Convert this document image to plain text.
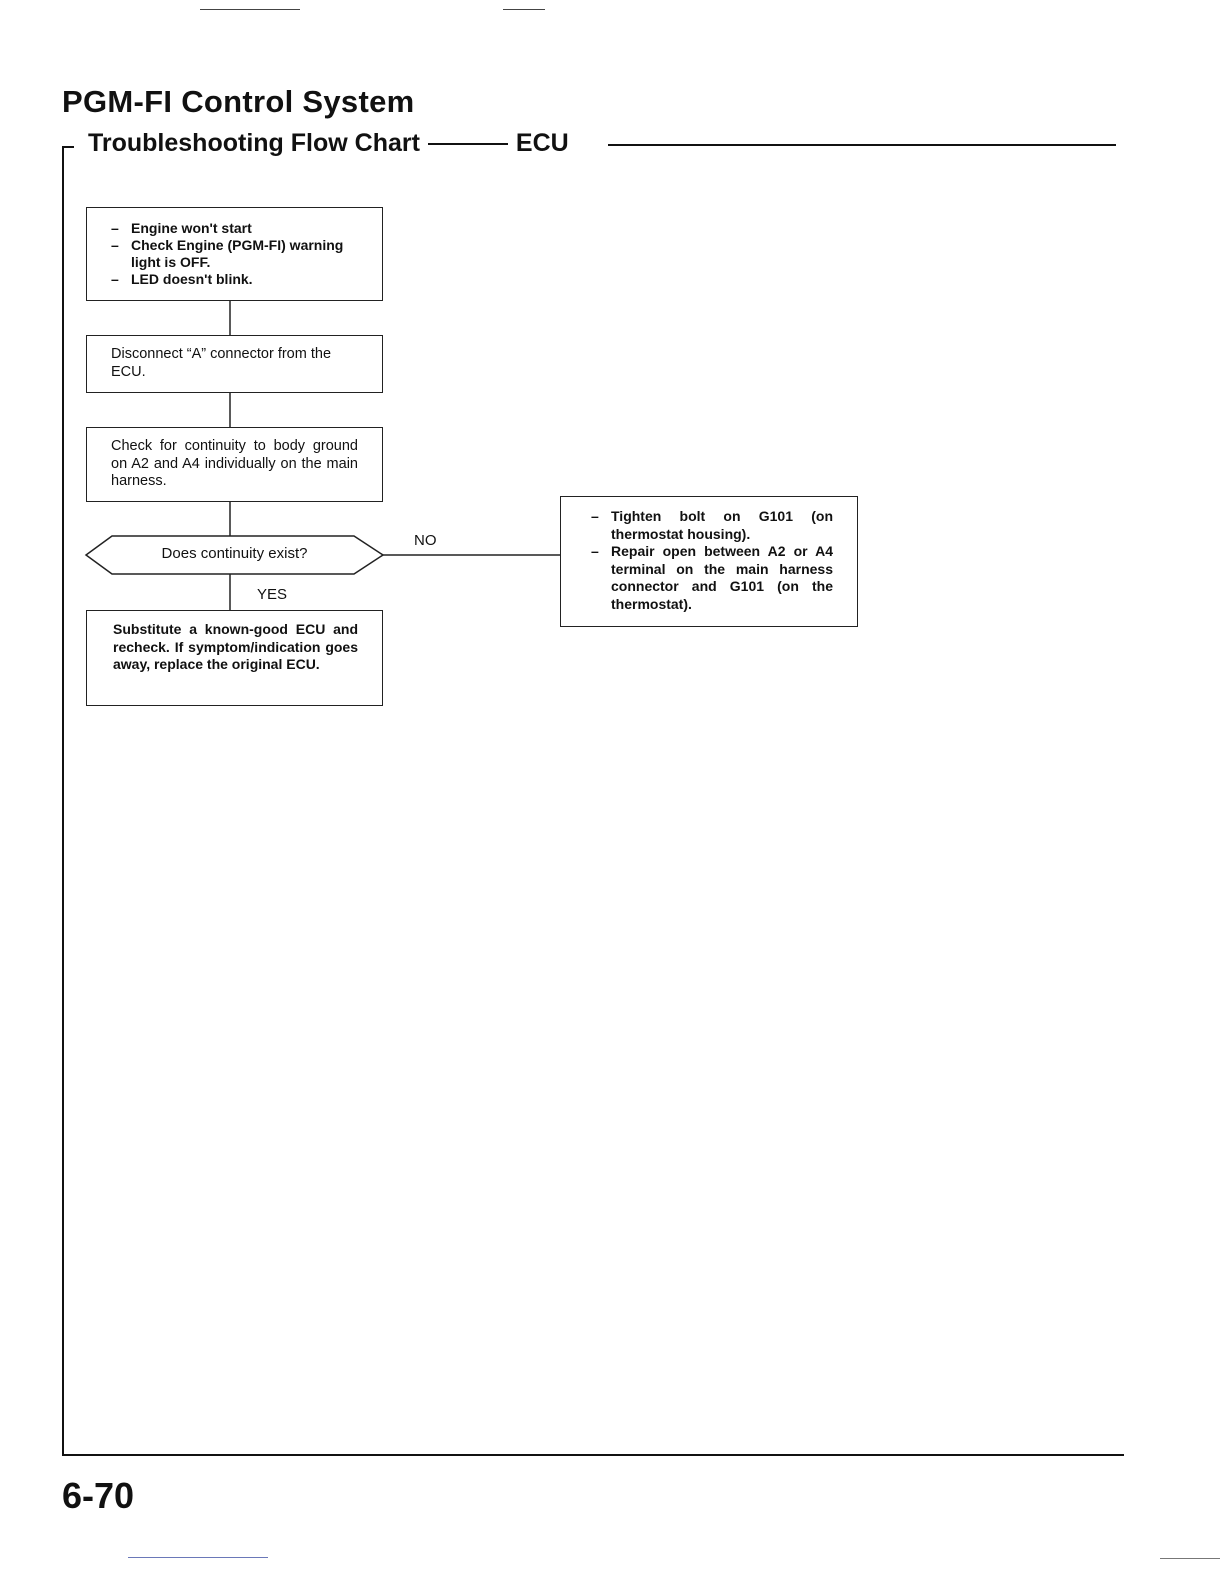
PGM-FI Control System
Troubleshooting Flow Chart	ECU
– Engine won't start
– Check Engine (PGM-FI) warning light is OFF.
– LED doesn't blink.
Disconnect “A” connector from the ECU.
Check for continuity to body ground on A2 and A4 individually on the main harness.
Does continuity exist?
NO
YES
Substitute a known-good ECU and recheck. If symptom/indication goes away, replace the original ECU.
– Tighten bolt on G101 (on thermostat housing).
– Repair open between A2 or A4 terminal on the main harness connector and G101 (on the thermostat).
6-70
